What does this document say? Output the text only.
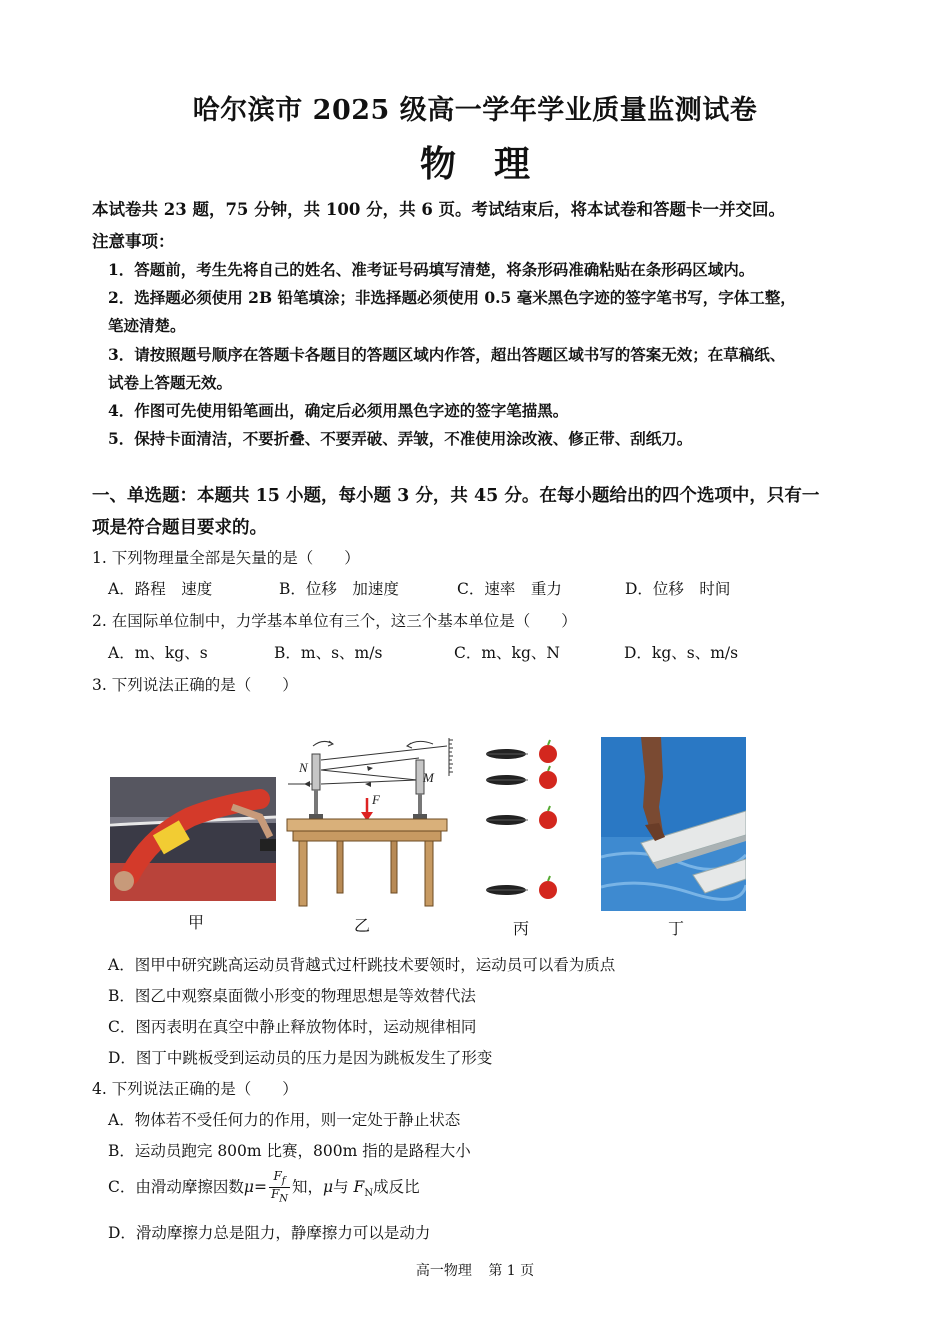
哈尔滨市 2025 级高一学年学业质量监测试卷
物理
本试卷共 23 题，75 分钟，共 100 分，共 6 页。考试结束后，将本试卷和答题卡一并交回。
注意事项：
1．答题前，考生先将自己的姓名、准考证号码填写清楚，将条形码准确粘贴在条形码区域内。
2．选择题必须使用 2B 铅笔填涂；非选择题必须使用 0.5 毫米黑色字迹的签字笔书写，字体工整，
笔迹清楚。
3．请按照题号顺序在答题卡各题目的答题区域内作答，超出答题区域书写的答案无效；在草稿纸、
试卷上答题无效。
4．作图可先使用铅笔画出，确定后必须用黑色字迹的签字笔描黑。
5．保持卡面清洁，不要折叠、不要弄破、弄皱，不准使用涂改液、修正带、刮纸刀。
一、单选题：本题共 15 小题，每小题 3 分，共 45 分。在每小题给出的四个选项中，只有一
项是符合题目要求的。
1. 下列物理量全部是矢量的是（　　）
A．路程　速度	B．位移　加速度	C．速率　重力	D．位移　时间
2. 在国际单位制中，力学基本单位有三个，这三个基本单位是（　　）
A．m、kg、s	B．m、s、m/s	C．m、kg、N	D．kg、s、m/s
3. 下列说法正确的是（　　）
甲
N
M
F
乙	丙	丁
A．图甲中研究跳高运动员背越式过杆跳技术要领时，运动员可以看为质点
B．图乙中观察桌面微小形变的物理思想是等效替代法
C．图丙表明在真空中静止释放物体时，运动规律相同
D．图丁中跳板受到运动员的压力是因为跳板发生了形变
4. 下列说法正确的是（　　）
A．物体若不受任何力的作用，则一定处于静止状态
B．运动员跑完 800m 比赛，800m 指的是路程大小
C．由滑动摩擦因数$\mu= \frac{F_f}{F_N}$ 知，μ与 $F_N$成反比
D．滑动摩擦力总是阻力，静摩擦力可以是动力
高一物理 第 1 页
